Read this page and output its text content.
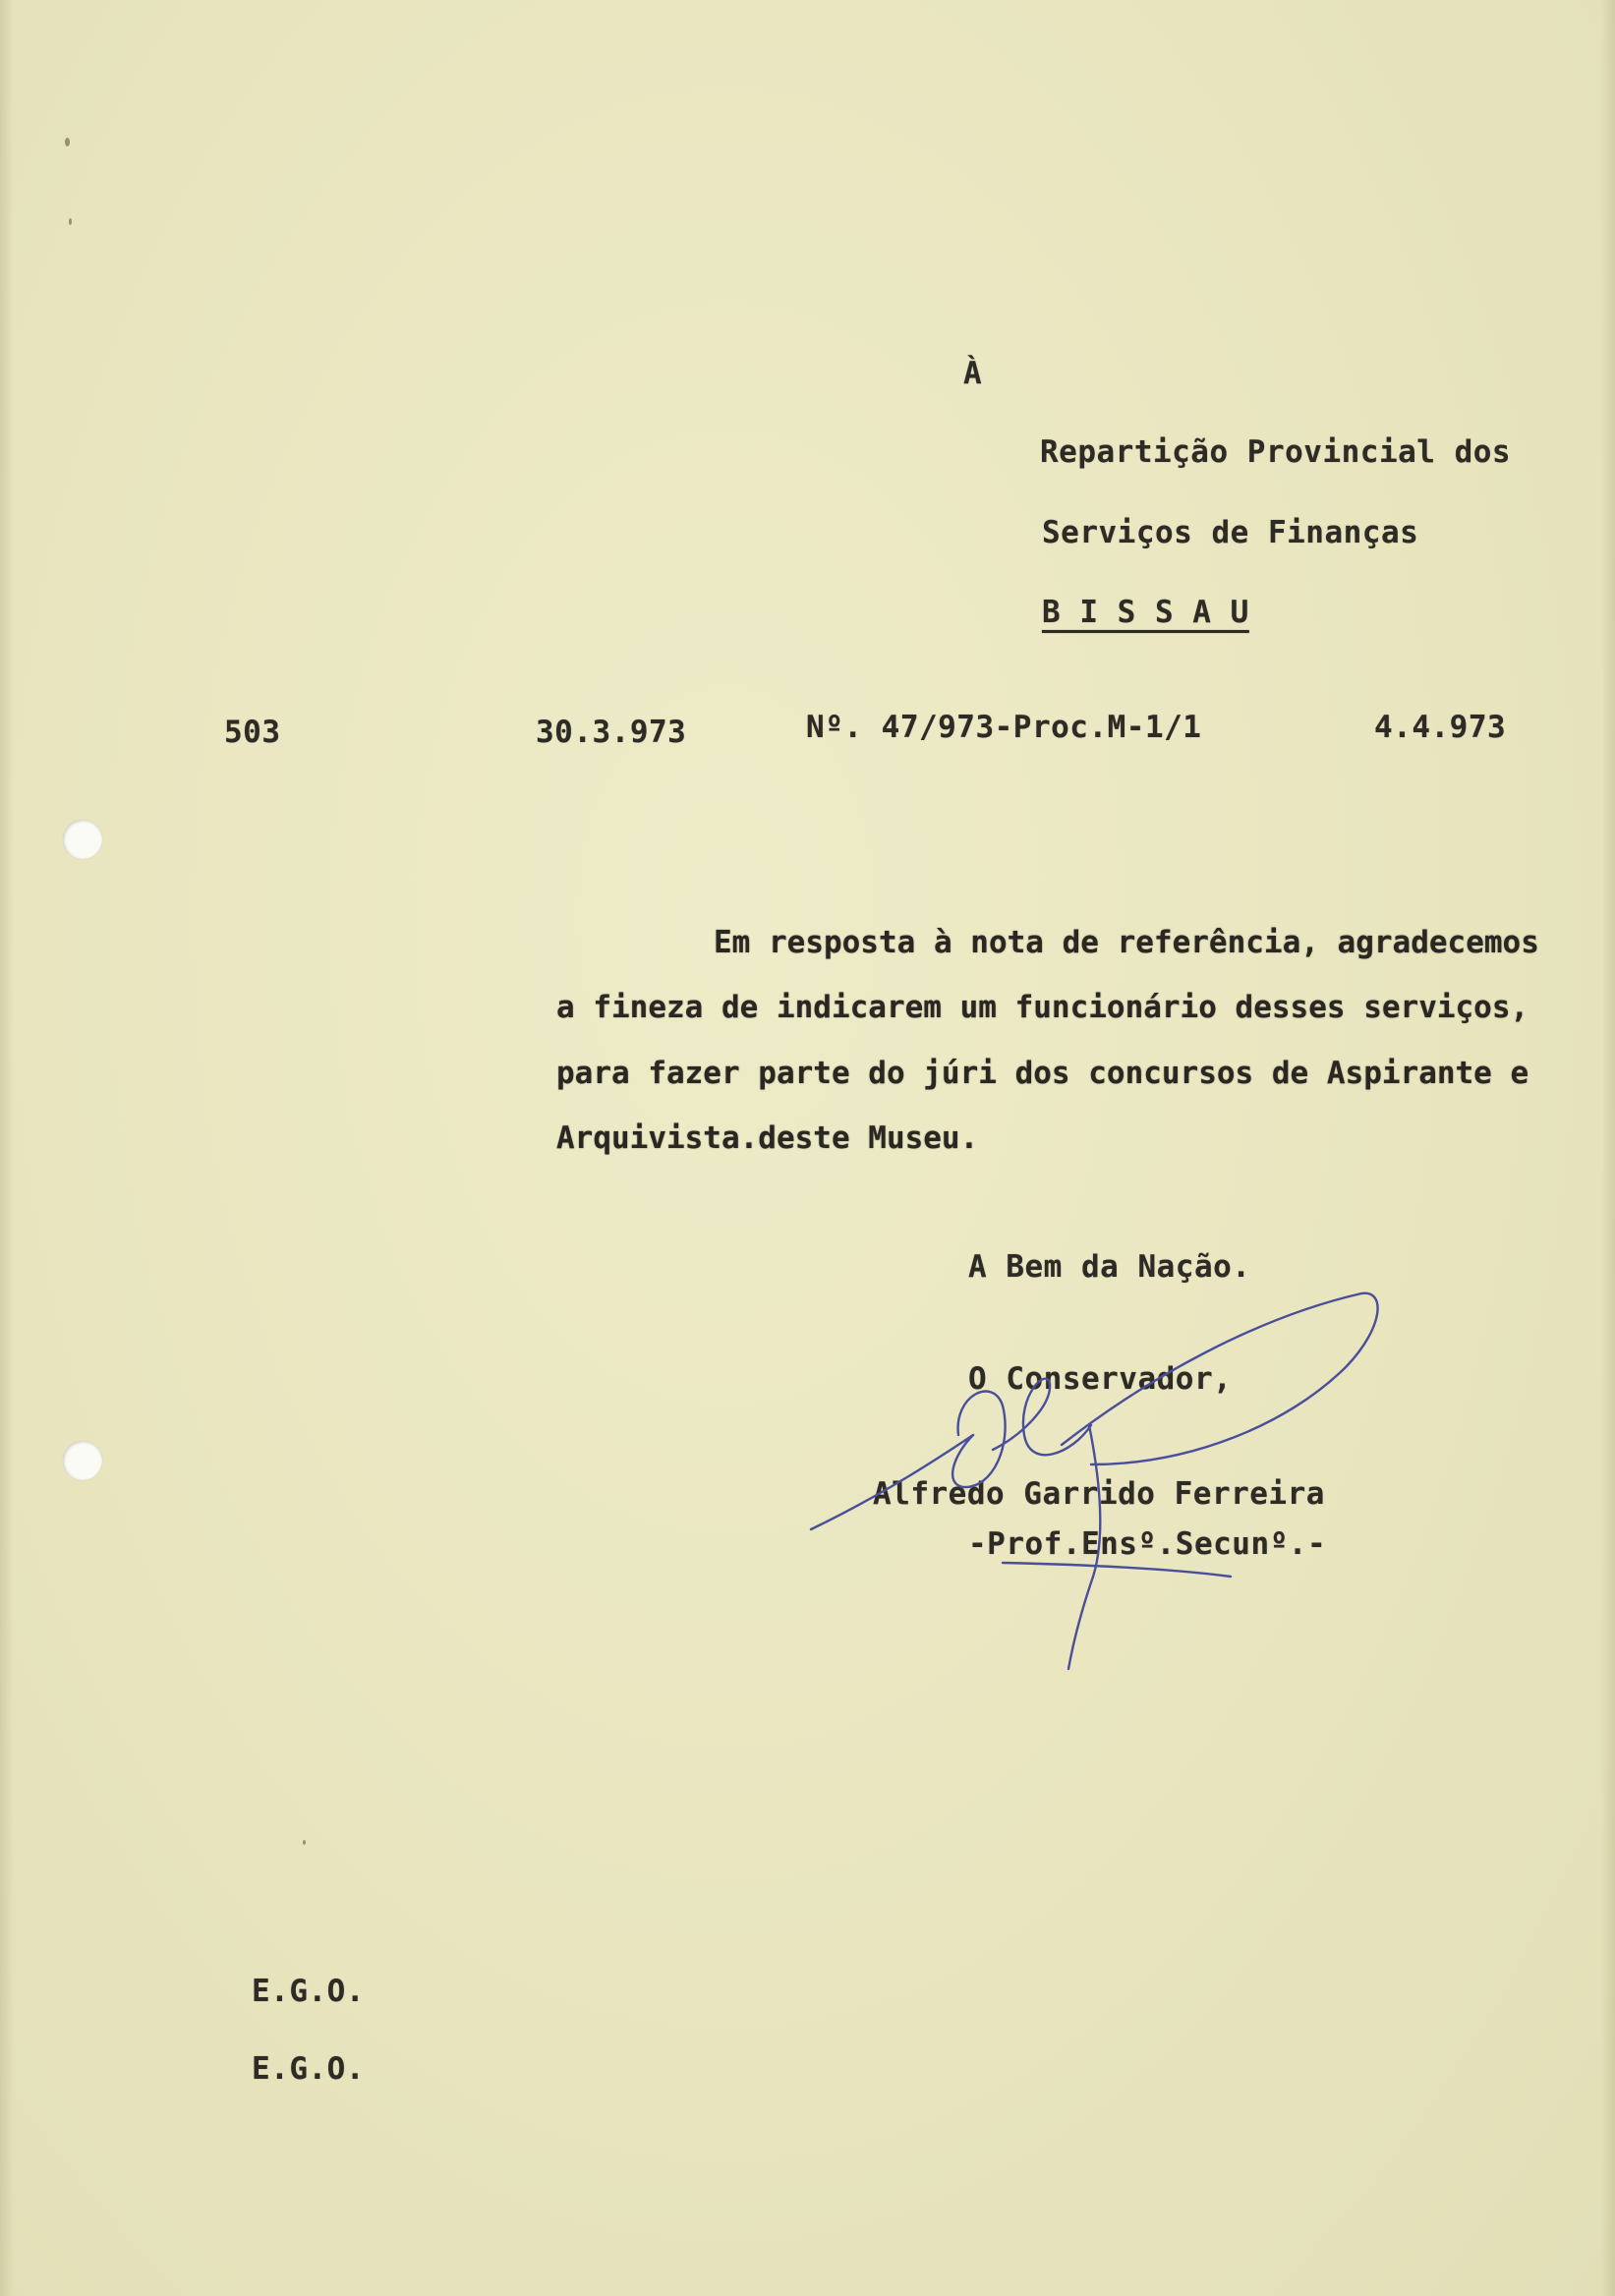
À
Repartição Provincial dos
Serviços de Finanças
B I S S A U
503	30.3.973	Nº. 47/973-Proc.M-1/1	4.4.973
Em resposta à nota de referência, agradecemos
a fineza de indicarem um funcionário desses serviços,
para fazer parte do júri dos concursos de Aspirante e
Arquivista.deste Museu.
A Bem da Nação.
O Conservador,
Alfredo Garrido Ferreira
-Prof.Ensº.Secunº.-
E.G.O.
E.G.O.
